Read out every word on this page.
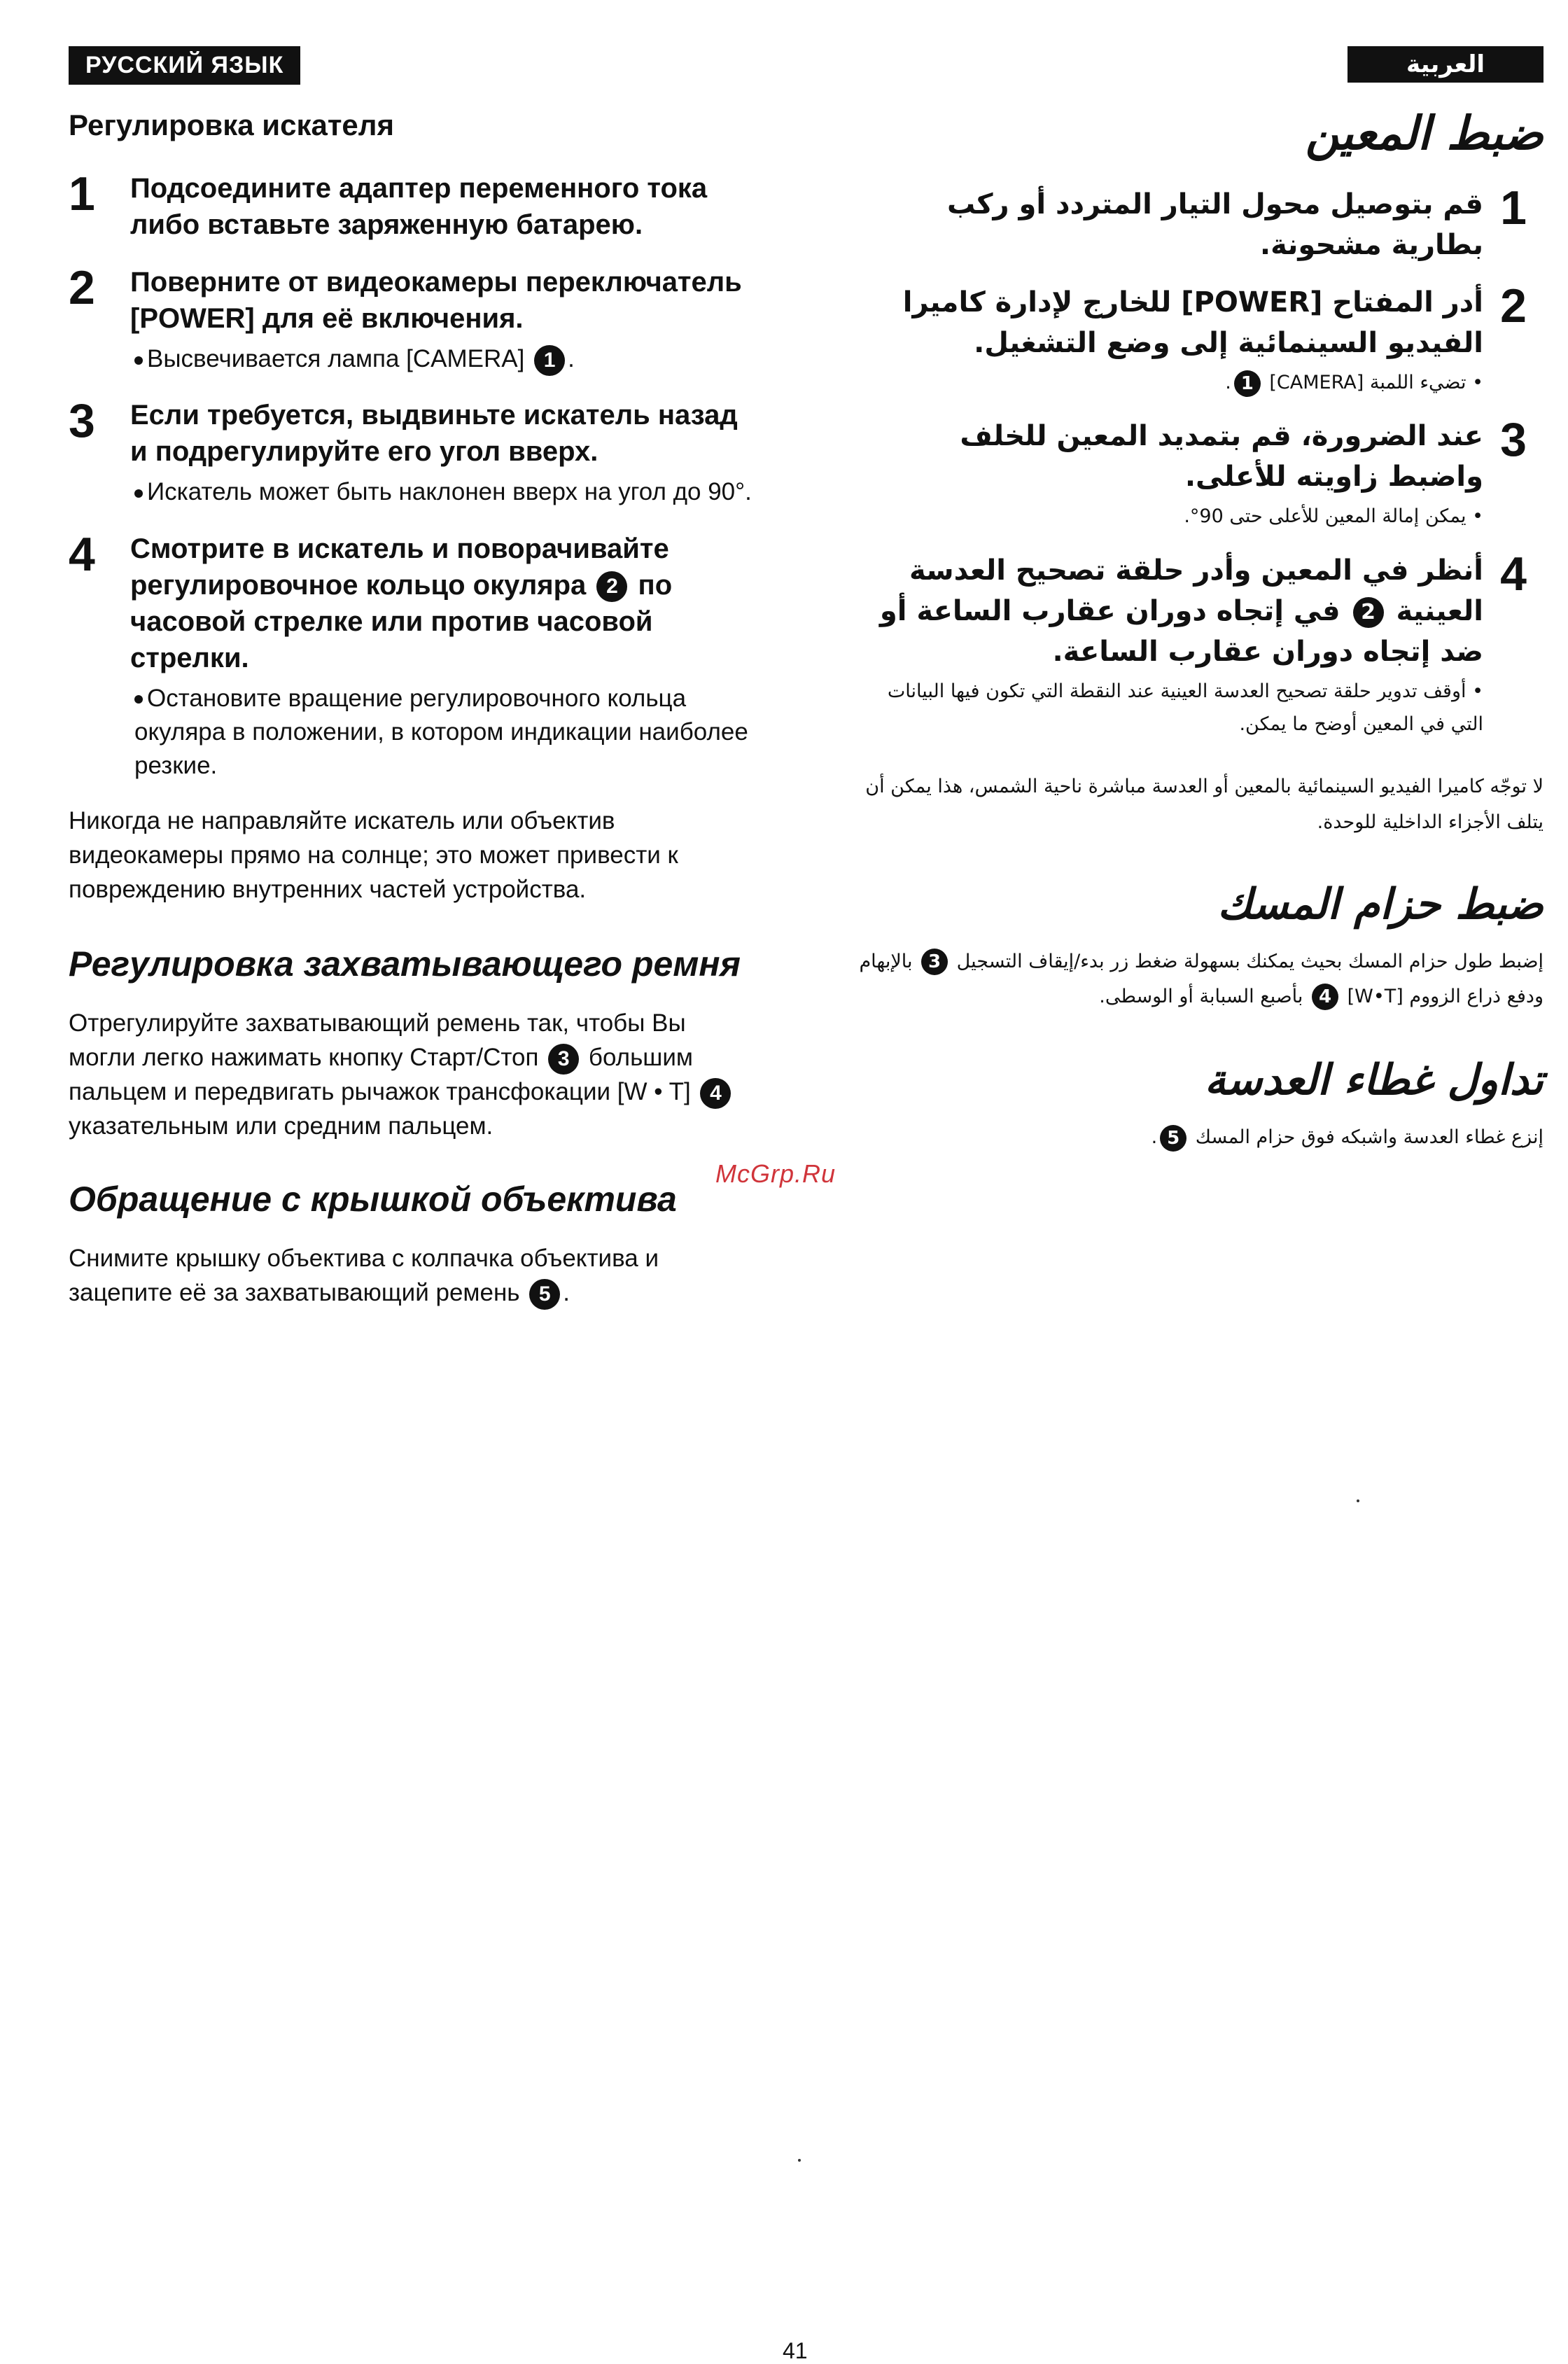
РУССКИЙ ЯЗЫК
Регулировка искателя
1	Подсоедините адаптер переменного тока либо вставьте заряженную батарею.
2	Поверните от видеокамеры переключатель [POWER] для её включения.
Высвечивается лампа [CAMERA] 1 .
3	Если требуется, выдвиньте искатель назад и подрегулируйте его угол вверх.
Искатель может быть наклонен вверх на угол до 90°.
4	Смотрите в искатель и поворачивайте регулировочное кольцо окуляра 2 по часовой стрелке или против часовой стрелки.
Остановите вращение регулировочного кольца окуляра в положении, в котором индикации наиболее резкие.
Никогда не направляйте искатель или объектив видеокамеры прямо на солнце; это может привести к повреждению внутренних частей устройства.
Регулировка захватывающего ремня
Отрегулируйте захватывающий ремень так, чтобы Вы могли легко нажимать кнопку Старт/Стоп 3 большим пальцем и передвигать рычажок трансфокации [W • T] 4 указательным или средним пальцем.
Обращение с крышкой объектива
Снимите крышку объектива с колпачка объектива и зацепите её за захватывающий ремень 5 .
العربية
ضبط المعين
1
قم بتوصيل محول التيار المتردد أو ركب بطارية مشحونة.
2
أدر المفتاح [POWER] للخارج لإدارة كاميرا الفيديو السينمائية إلى وضع التشغيل.
• تضيء اللمبة [CAMERA] 1.
3
عند الضرورة، قم بتمديد المعين للخلف واضبط زاويته للأعلى.
• يمكن إمالة المعين للأعلى حتى 90°.
4
أنظر في المعين وأدر حلقة تصحيح العدسة العينية 2 في إتجاه دوران عقارب الساعة أو ضد إتجاه دوران عقارب الساعة.
• أوقف تدوير حلقة تصحيح العدسة العينية عند النقطة التي تكون فيها البيانات التي في المعين أوضح ما يمكن.
لا توجّه كاميرا الفيديو السينمائية بالمعين أو العدسة مباشرة ناحية الشمس، هذا يمكن أن يتلف الأجزاء الداخلية للوحدة.
ضبط حزام المسك
إضبط طول حزام المسك بحيث يمكنك بسهولة ضغط زر بدء/إيقاف التسجيل 3 بالإبهام ودفع ذراع الزووم [W•T] 4 بأصبع السبابة أو الوسطى.
تداول غطاء العدسة
إنزع غطاء العدسة واشبكه فوق حزام المسك 5.
McGrp.Ru
41
